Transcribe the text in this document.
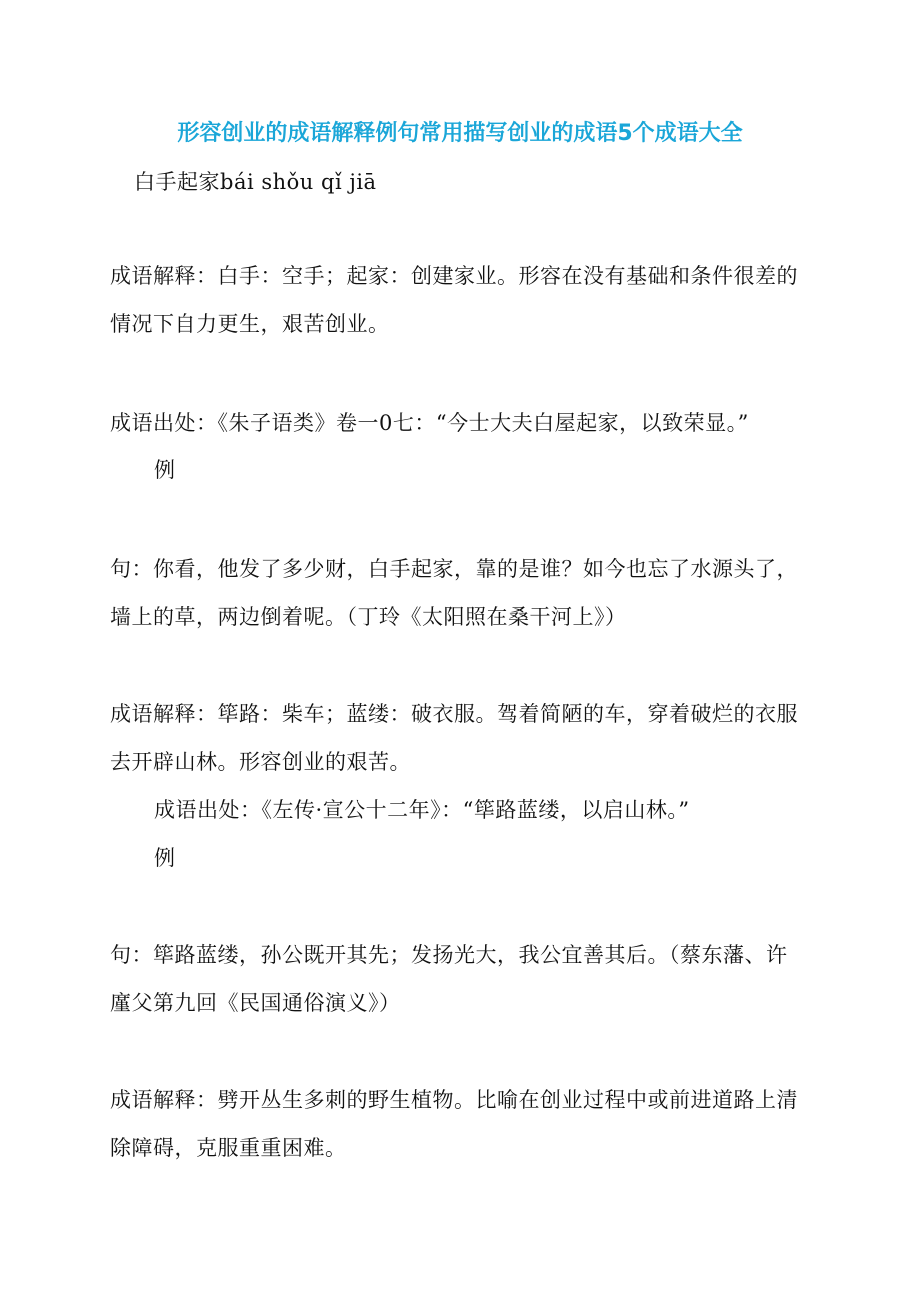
形容创业的成语解释例句常用描写创业的成语5个成语大全
白手起家bái shǒu qǐ jiā
成语解释：白手：空手；起家：创建家业。形容在没有基础和条件很差的
情况下自力更生，艰苦创业。
成语出处：《朱子语类》卷一0七：“今士大夫白屋起家，以致荣显。”
例
句：你看，他发了多少财，白手起家，靠的是谁？如今也忘了水源头了，
墙上的草，两边倒着呢。（丁玲《太阳照在桑干河上》）
成语解释：筚路：柴车；蓝缕：破衣服。驾着简陋的车，穿着破烂的衣服
去开辟山林。形容创业的艰苦。
成语出处：《左传·宣公十二年》：“筚路蓝缕，以启山林。”
例
句：筚路蓝缕，孙公既开其先；发扬光大，我公宜善其后。（蔡东藩、许
廑父第九回《民国通俗演义》）
成语解释：劈开丛生多刺的野生植物。比喻在创业过程中或前进道路上清
除障碍，克服重重困难。
